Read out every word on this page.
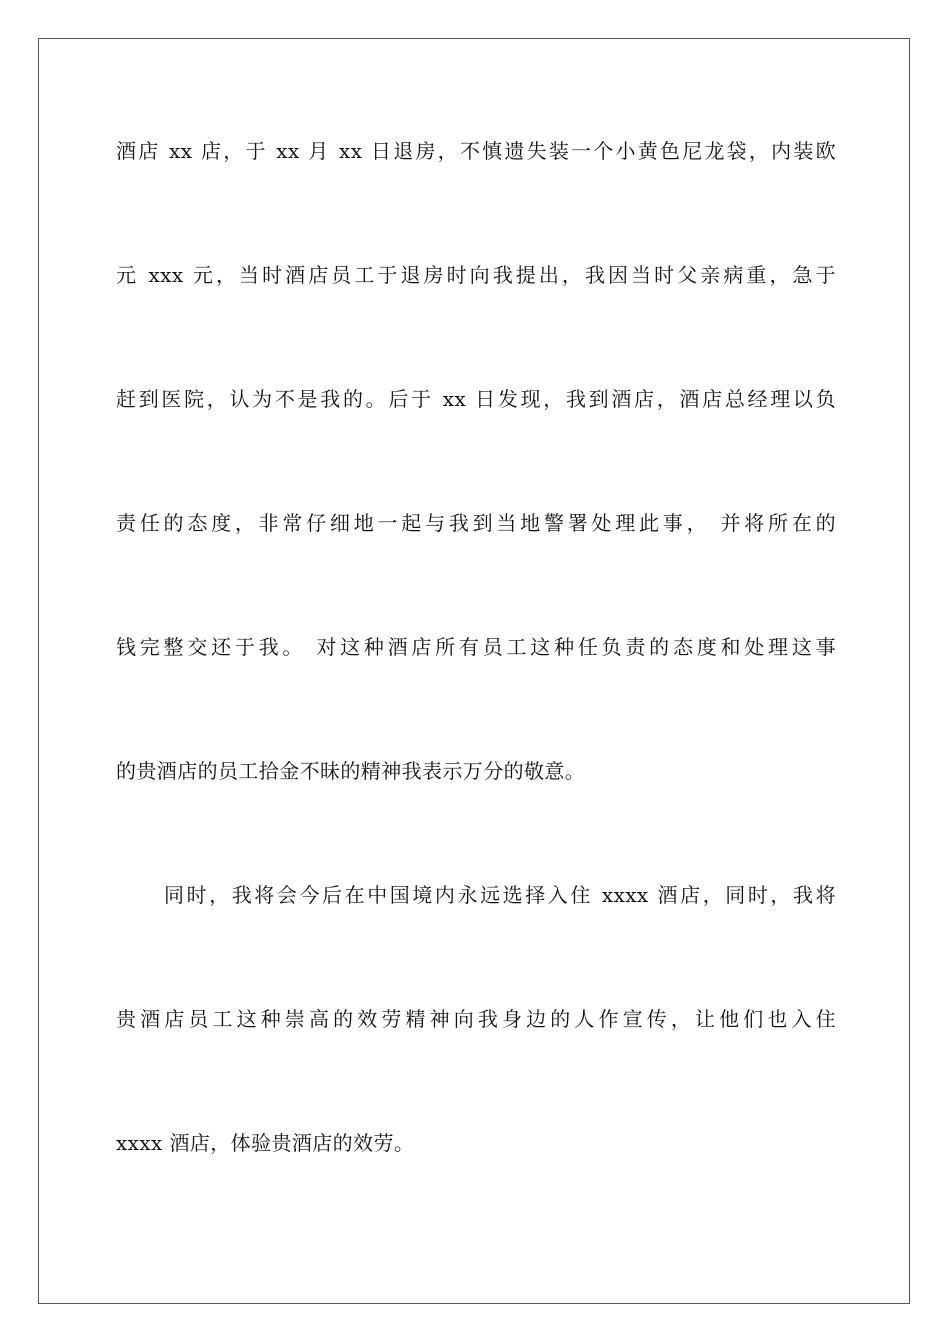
酒店 xx 店，于 xx 月 xx 日退房，不慎遗失装一个小黄色尼龙袋，内装欧
元 xxx 元，当时酒店员工于退房时向我提出，我因当时父亲病重，急于
赶到医院，认为不是我的。后于 xx 日发现，我到酒店，酒店总经理以负
责任的态度，非常仔细地一起与我到当地警署处理此事， 并将所在的
钱完整交还于我。 对这种酒店所有员工这种任负责的态度和处理这事
的贵酒店的员工拾金不昧的精神我表示万分的敬意。
同时，我将会今后在中国境内永远选择入住 xxxx 酒店，同时，我将
贵酒店员工这种崇高的效劳精神向我身边的人作宣传，让他们也入住
xxxx 酒店，体验贵酒店的效劳。
